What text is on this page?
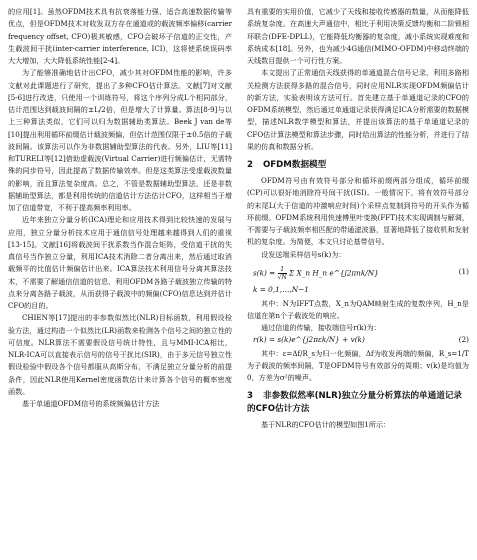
的应用[1]。虽然OFDM技术具有抗衰落能力强、适合高速数据传输等优点，但是OFDM技术对收发双方存在通道或的载波频率偏移(carrier frequency offset, CFO)极其敏感，CFO会破坏子信道的正交性，产生载波间干扰(inter-carrier interference, ICI)，这将使系统误码率大大增加，大大降低系统性能[2-4]。

为了能够准确地估计出CFO，减少其对OFDM性能的影响，许多文献对此课题进行了研究，提出了多种CFO估计算法。文献[7]对文献[5-6]进行改进，只使用一个训练符号，将这个序列分成L个相同部分，估计范围达到载波间隔的±L/2倍，但是增大了计算量。算法[8-9]与以上三种算法类似，它们可以归为数据辅助类算法。Beek J van de等[10]提出利用循环前缀估计载波频偏，但估计范围仅限于±0.5倍的子载波间隔。该算法可以作为非数据辅助型算法的代表。另外，LIU等[11]和TURELI等[12]借助虚载波(Virtual Carrier)进行频偏估计，无需特殊的同步符号，因此提高了数据传输效率。但是这类算法受虚载波数量的影响，而且算法复杂度高。总之，不管是数据辅助型算法，还是非数据辅助型算法，都是利用传统的信道估计方法估计CFO，这样相当于增加了信道带宽，不利于提高频率利用率。

近年来独立分量分析(ICA)理论和应用技术得到比较快速的发展与应用，独立分量分析技术应用于通信信号处理越来越得到人们的重视[13-15]。文献[16]将载波间干扰系数当作混合矩阵，受信道干扰的失真信号当作独立分量，利用ICA技术消除二者分离出来，然后通过取消载频平的比值估计频偏估计出来。ICA算法技术利用信号分离其算法技术，不需要了解通信信道的信息，利用OFDM各路子载波独立传输的特点来分离各路子载波，从而获得子载波中的频偏(CFO)信息达到并估计CFO的目的。

CHIEN等[17]提出的非参数似然比(NLR)目标函数，利用假设检验方法，通过构造一个似然比(LR)函数来检测各个信号之间的独立性的可信度。NLR算法不需要假设信号统计特性，且与MMI-ICA相比，NLR-ICA可以直接表示信号的信号干扰比(SIR)，由于多元信号独立性假设检验中假设各个信号都服从高斯分布，不满足独立分量分析的前提条件，因此NLR使用Kernel密度函数估计来计算各个信号的概率密度函数。

基于单通道OFDM信号的系统频偏估计方法

具有重要的实用价值，它减少了天线和接收传感器的数量，从而能降低系统复杂度。在高速大声通信中，相比于利用决策反馈均衡和二阶锁相环联合(DFE-DPLL)，它能降低均衡器的复杂度，减小系统实现难度和系统成本[18]。另外，也为减少4G通信(MIMO-OFDM)中移动终端的天线数目提供一个可行性方案。

本文提出了正常通信天线获得的单通道混合信号记录，利用多路相关检测方法获得多路的混合信号，同时应用NLR实现OFDM频偏估计的新方法，实验表明该方法可行。首先建立基于单通道记录的CFO的OFDM系统模型，然后通过单通道记录获得满足ICA分析需要的数据模型，描述NLR数学模型和算法，并提出该算法的基于单通道记录的CFO估计算法模型和算法步骤，同时给出算法的性能分析，并进行了结果的仿真和数据分析。

2 OFDM数据模型

OFDM符号由有效符号部分和循环前缀两部分组成，循环前缀(CP)可以很好地消除符号间干扰(ISI)。一般情况下，将有效符号部分的末尾L(大于信道的冲激响应时间)个采样点复制到符号的开头作为循环前缀。OFDM系统利用快速傅里叶变换(FFT)技术实现调制与解调，不需要与子载波频率相匹配的带通滤波器，显著地降低了接收机和发射机的复杂度。为简便，本文只讨论基带信号。

设发送端采样信号s(k)为：

$s(k) = \frac{1}{√N}$ Σ X_n H_n e^{j2πnk/N}	(1)
k = 0,1,…,N−1

其中：N为IFFT点数，X_n为QAM映射生成的复数序列，H_n是信道在第n个子载波处的响应。

通过信道的传输，接收端信号r(k)为：

r(k) = s(k)e^{j2πεk/N} + v(k)	(2)

其中：ε=Δf/R_s为归一化频偏，Δf为收发两端的频偏，R_s=1/T为子载波的频率间隔，T是OFDM符号有效部分的周期；v(k)是均值为0，方差为σ²的噪声。

3 非参数似然率(NLR)独立分量分析算法的单通道记录的CFO估计方法

基于NLR的CFO估计的模型如图1所示：
